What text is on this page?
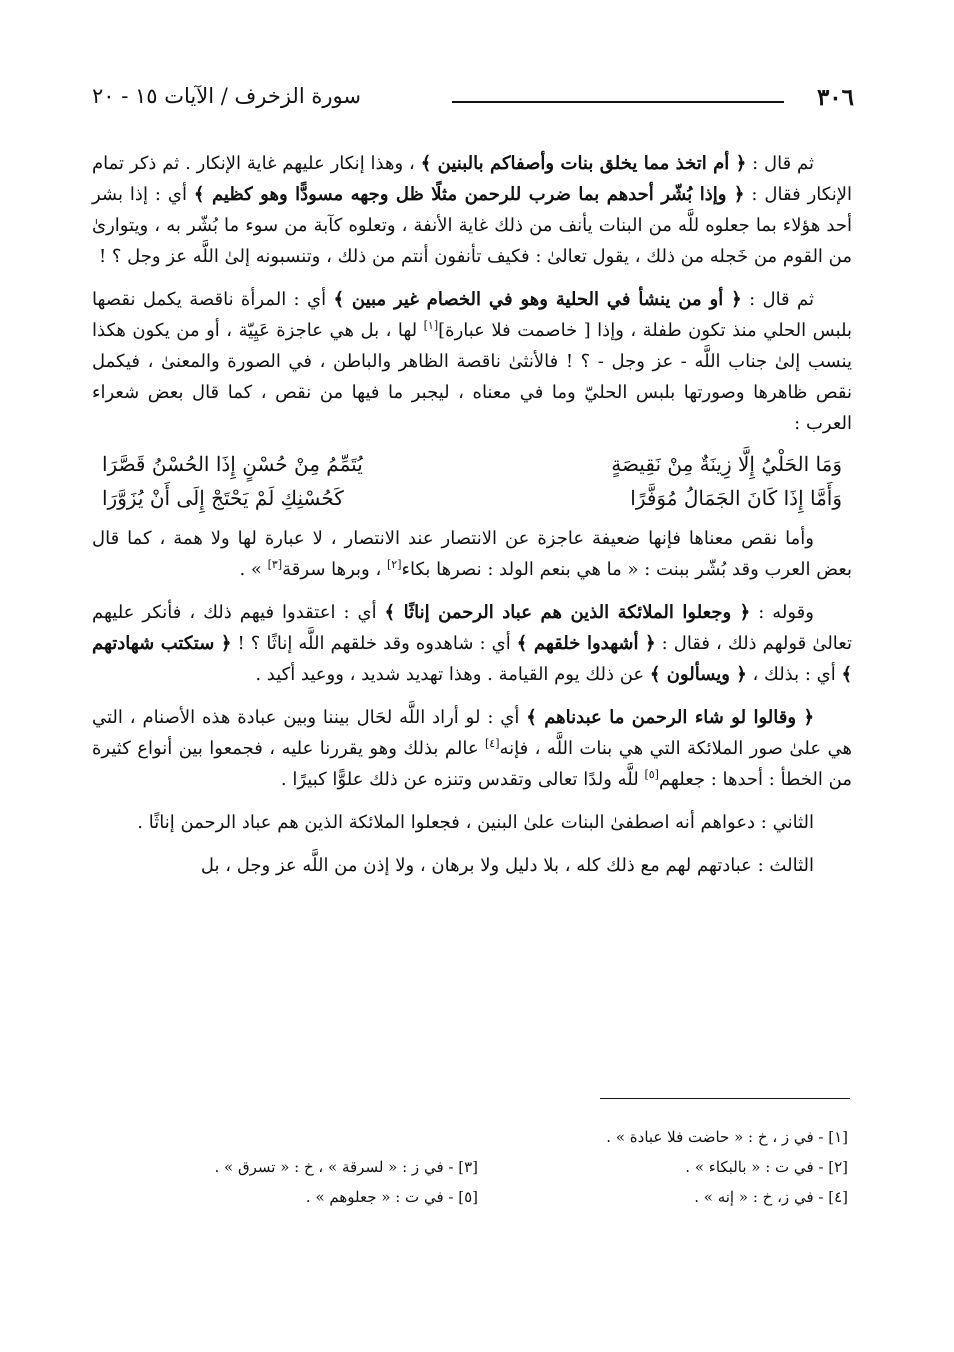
٣٠٦
سورة الزخرف / الآيات ١٥ - ٢٠

ثم قال : ﴿ أم اتخذ مما يخلق بنات وأصفاكم بالبنين ﴾ ، وهذا إنكار عليهم غاية الإنكار . ثم ذكر تمام الإنكار فقال : ﴿ وإذا بُشّر أحدهم بما ضرب للرحمن مثلًا ظل وجهه مسودًّا وهو كظيم ﴾ أي : إذا بشر أحد هؤلاء بما جعلوه للَّه من البنات يأنف من ذلك غاية الأنفة ، وتعلوه كآبة من سوء ما بُشّر به ، ويتوارىٰ من القوم من خَجله من ذلك ، يقول تعالىٰ : فكيف تأنفون أنتم من ذلك ، وتنسبونه إلىٰ اللَّه عز وجل ؟ !

ثم قال : ﴿ أو من ينشأ في الحلية وهو في الخصام غير مبين ﴾ أي : المرأة ناقصة يكمل نقصها بلبس الحلي منذ تكون طفلة ، وإذا [ خاصمت فلا عبارة][١] لها ، بل هي عاجزة عَيِيّة ، أو من يكون هكذا ينسب إلىٰ جناب اللَّه - عز وجل - ؟ ! فالأنثىٰ ناقصة الظاهر والباطن ، في الصورة والمعنىٰ ، فيكمل نقص ظاهرها وصورتها بلبس الحليّ وما في معناه ، ليجبر ما فيها من نقص ، كما قال بعض شعراء العرب :

وَمَا الحَلْيُ إِلَّا زِينَةٌ مِنْ نَقِيصَةٍ
يُتَمِّمُ مِنْ حُسْنٍ إِذَا الحُسْنُ قَصَّرَا
وَأَمَّا إِذَا كَانَ الجَمَالُ مُوَفَّرًا
كَحُسْنِكِ لَمْ يَحْتَجْ إِلَى أَنْ يُزَوَّرَا

وأما نقص معناها فإنها ضعيفة عاجزة عن الانتصار عند الانتصار ، لا عبارة لها ولا همة ، كما قال بعض العرب وقد بُشّر ببنت : « ما هي بنعم الولد : نصرها بكاء[٢] ، وبرها سرقة[٣] » .

وقوله : ﴿ وجعلوا الملائكة الذين هم عباد الرحمن إناثًا ﴾ أي : اعتقدوا فيهم ذلك ، فأنكر عليهم تعالىٰ قولهم ذلك ، فقال : ﴿ أشهدوا خلقهم ﴾ أي : شاهدوه وقد خلقهم اللَّه إناثًا ؟ ! ﴿ ستكتب شهادتهم ﴾ أي : بذلك ، ﴿ ويسألون ﴾ عن ذلك يوم القيامة . وهذا تهديد شديد ، ووعيد أكيد .

﴿ وقالوا لو شاء الرحمن ما عبدناهم ﴾ أي : لو أراد اللَّه لحَال بيننا وبين عبادة هذه الأصنام ، التي هي علىٰ صور الملائكة التي هي بنات اللَّه ، فإنه[٤] عالم بذلك وهو يقررنا عليه ، فجمعوا بين أنواع كثيرة من الخطأ : أحدها : جعلهم[٥] للَّه ولدًا تعالى وتقدس وتنزه عن ذلك علوًّا كبيرًا .

الثاني : دعواهم أنه اصطفىٰ البنات علىٰ البنين ، فجعلوا الملائكة الذين هم عباد الرحمن إناثًا .

الثالث : عبادتهم لهم مع ذلك كله ، بلا دليل ولا برهان ، ولا إذن من اللَّه عز وجل ، بل

[١] - في ز ، خ : « حاضت فلا عبادة » .
[٢] - في ت : « بالبكاء » .
[٣] - في ز : « لسرقة » ، خ : « تسرق » .
[٤] - في ز، خ : « إنه » .
[٥] - في ت : « جعلوهم » .
